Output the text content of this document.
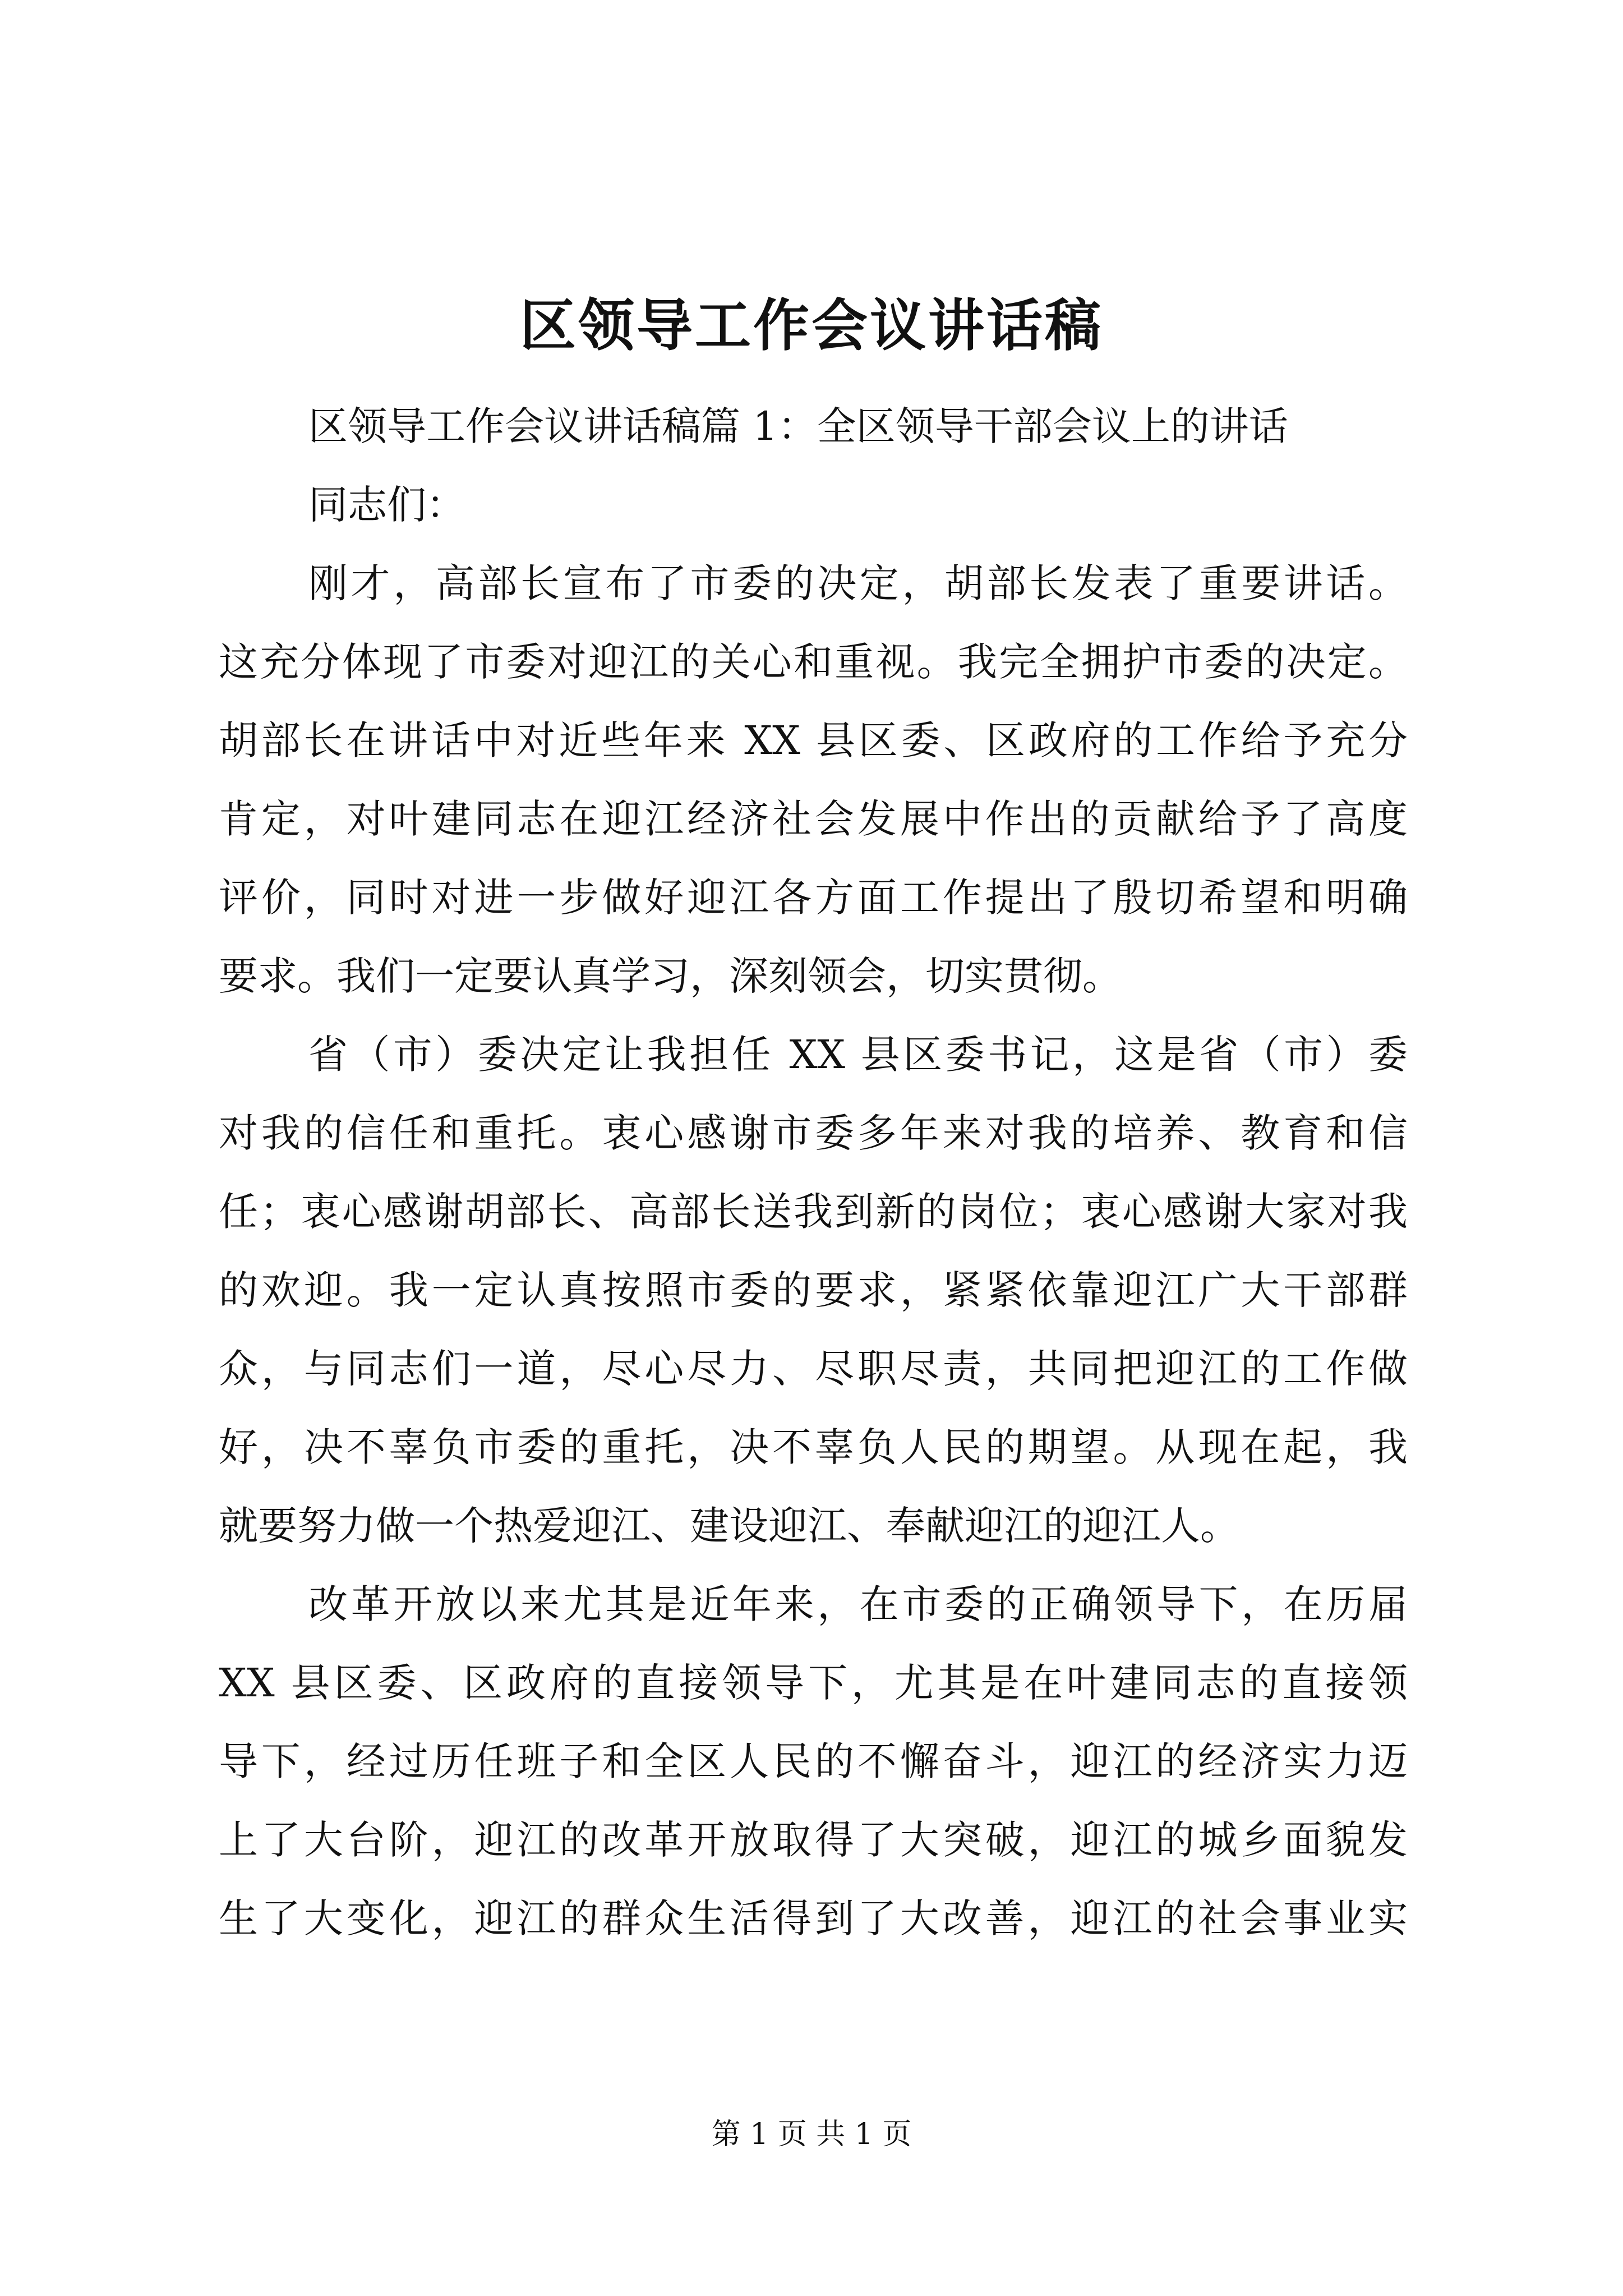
区领导工作会议讲话稿
区领导工作会议讲话稿篇 1：全区领导干部会议上的讲话
同志们：
刚才，高部长宣布了市委的决定，胡部长发表了重要讲话。
这充分体现了市委对迎江的关心和重视。我完全拥护市委的决定。
胡部长在讲话中对近些年来 XX 县区委、区政府的工作给予充分
肯定，对叶建同志在迎江经济社会发展中作出的贡献给予了高度
评价，同时对进一步做好迎江各方面工作提出了殷切希望和明确
要求。我们一定要认真学习，深刻领会，切实贯彻。
省（市）委决定让我担任 XX 县区委书记，这是省（市）委
对我的信任和重托。衷心感谢市委多年来对我的培养、教育和信
任；衷心感谢胡部长、高部长送我到新的岗位；衷心感谢大家对我
的欢迎。我一定认真按照市委的要求，紧紧依靠迎江广大干部群
众，与同志们一道，尽心尽力、尽职尽责，共同把迎江的工作做
好，决不辜负市委的重托，决不辜负人民的期望。从现在起，我
就要努力做一个热爱迎江、建设迎江、奉献迎江的迎江人。
改革开放以来尤其是近年来，在市委的正确领导下，在历届
XX 县区委、区政府的直接领导下，尤其是在叶建同志的直接领
导下，经过历任班子和全区人民的不懈奋斗，迎江的经济实力迈
上了大台阶，迎江的改革开放取得了大突破，迎江的城乡面貌发
生了大变化，迎江的群众生活得到了大改善，迎江的社会事业实
第 1 页 共 1 页
